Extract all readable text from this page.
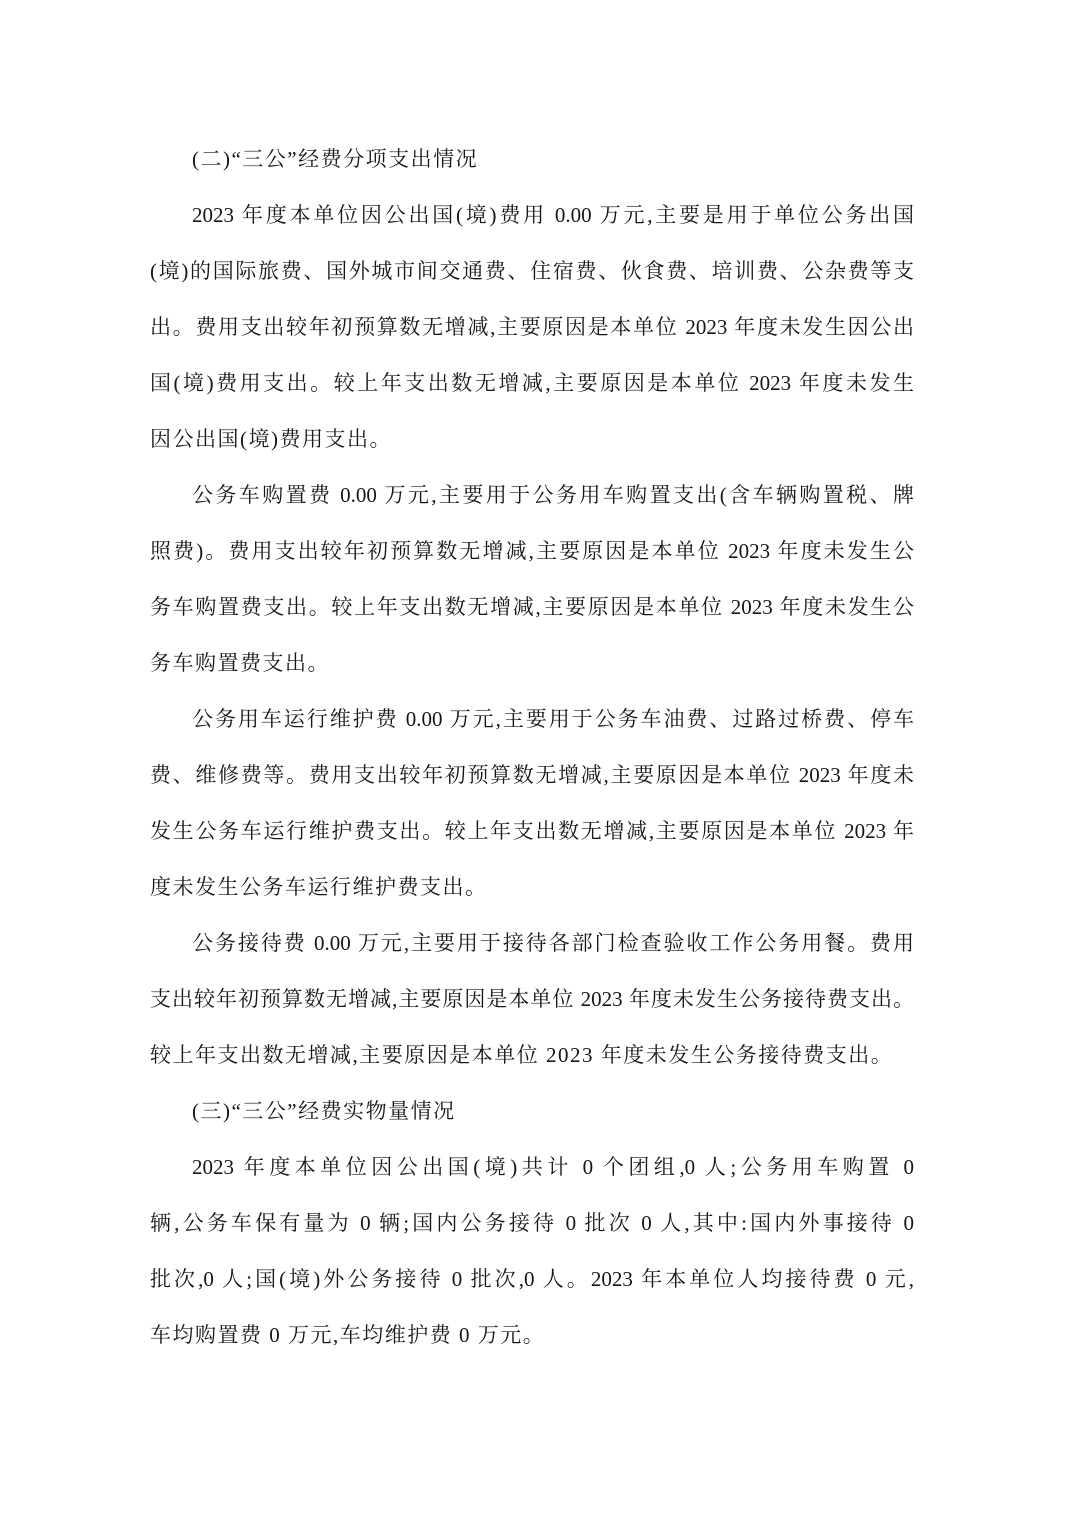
(二)“三公”经费分项支出情况
2023 年度本单位因公出国(境)费用 0.00 万元,主要是用于单位公务出国
(境)的国际旅费、国外城市间交通费、住宿费、伙食费、培训费、公杂费等支
出。费用支出较年初预算数无增减,主要原因是本单位 2023 年度未发生因公出
国(境)费用支出。较上年支出数无增减,主要原因是本单位 2023 年度未发生
因公出国(境)费用支出。
公务车购置费 0.00 万元,主要用于公务用车购置支出(含车辆购置税、牌
照费)。费用支出较年初预算数无增减,主要原因是本单位 2023 年度未发生公
务车购置费支出。较上年支出数无增减,主要原因是本单位 2023 年度未发生公
务车购置费支出。
公务用车运行维护费 0.00 万元,主要用于公务车油费、过路过桥费、停车
费、维修费等。费用支出较年初预算数无增减,主要原因是本单位 2023 年度未
发生公务车运行维护费支出。较上年支出数无增减,主要原因是本单位 2023 年
度未发生公务车运行维护费支出。
公务接待费 0.00 万元,主要用于接待各部门检查验收工作公务用餐。费用
支出较年初预算数无增减,主要原因是本单位 2023 年度未发生公务接待费支出。
较上年支出数无增减,主要原因是本单位 2023 年度未发生公务接待费支出。
(三)“三公”经费实物量情况
2023 年度本单位因公出国(境)共计 0 个团组,0 人;公务用车购置 0
辆,公务车保有量为 0 辆;国内公务接待 0 批次 0 人,其中:国内外事接待 0
批次,0 人;国(境)外公务接待 0 批次,0 人。2023 年本单位人均接待费 0 元,
车均购置费 0 万元,车均维护费 0 万元。
